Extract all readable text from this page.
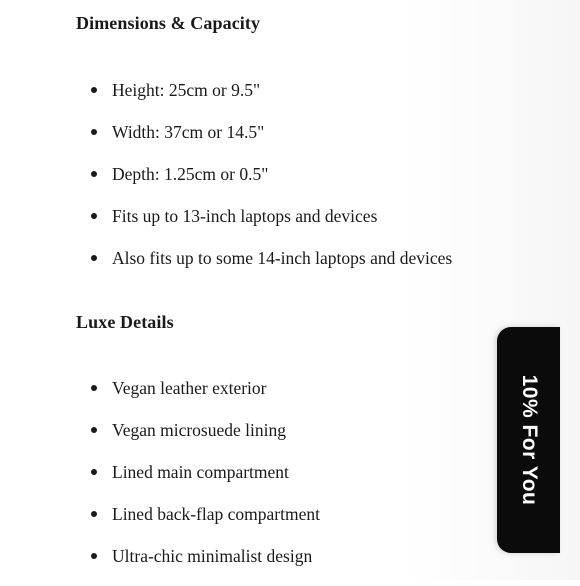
Dimensions & Capacity
Height: 25cm or 9.5"
Width: 37cm or 14.5"
Depth: 1.25cm or 0.5"
Fits up to 13-inch laptops and devices
Also fits up to some 14-inch laptops and devices
Luxe Details
Vegan leather exterior
Vegan microsuede lining
Lined main compartment
Lined back-flap compartment
Ultra-chic minimalist design
10% For You
